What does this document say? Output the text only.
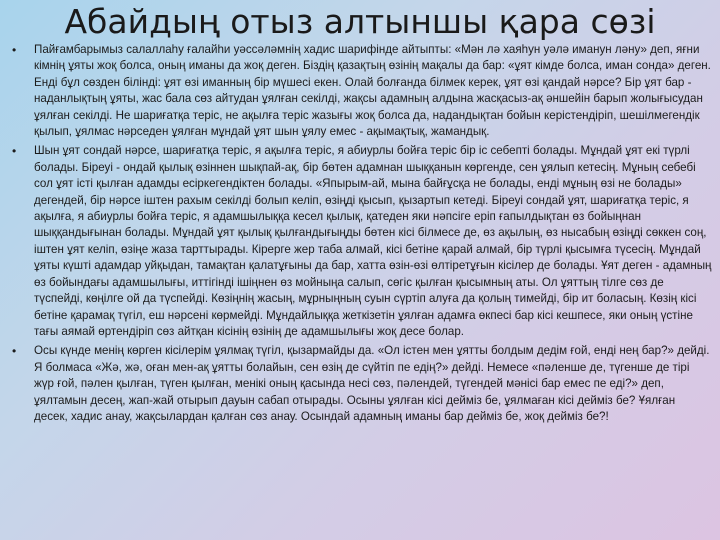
Абайдың отыз алтыншы қара сөзі
•	Пайғамбарымыз салаллаһу ғалайhи уәссәләмнің хадис шарифінде айтыпты: «Мән лә хаяһун уәлә иманун ләну» деп, яғни кімнің ұяты жоқ болса, оның иманы да жоқ деген. Біздің қазақтың өзінің мақалы да бар: «ұят кімде болса, иман сонда» деген. Енді бұл сөзден білінді: ұят өзі иманның бір мүшесі екен. Олай болғанда білмек керек, ұят өзі қандай нәрсе? Бір ұят бар - наданлықтың ұяты, жас бала сөз айтудан ұялған секілді, жақсы адамның алдына жасқасыз-ақ әншейін барып жолығысудан ұялған секілді. Не шариғатқа теріс, не ақылға теріс жазығы жоқ болса да, надандықтан бойын кеpiстендіріп, шешілмегендік қылып, ұялмас нәрседен ұялған мұндай ұят шын ұялу емес - ақымақтық, жамандық.

•	Шын ұят сондай нәрсе, шариғатқа теріс, я ақылға теріс, я абиурлы бойға теріс бір іс себепті болады. Мұндай ұят екі түрлі болады. Біреуі - ондай қылық өзіннен шықпай-ақ, бір бөтен адамнан шыққанын көргенде, сен ұялып кетесің. Мұның себебі сол ұят істі қылған адамды есіркегендіктен болады. «Япырым-ай, мына байғұсқа не болады, енді мұның өзі не болады» дегендей, бір нәрсе іштен рахым секілді болып келіп, өзіңді қысып, қызартып кетеді. Біреуі сондай ұят, шариғатқа теріс, я ақылға, я абиурлы бойға теріс, я адамшылыққа кесел қылық, қатеден яки нәпсіге ерiп ғапылдықтан өз бойыңнан шыққандығынан болады. Мұндай ұят қылық қылғандығыңды бөтен кісі білмесе де, өз ақылың, өз нысабың өзіңді сөккен соң, іштен ұят келіп, өзіңе жаза тарттырады. Кіреpге жер таба алмай, кісі бетіне қарай алмай, бір түрлі қысымға түсесің. Мұндай ұяты күшті адамдар уйқыдан, тамақтан қалатұғыны да бар, хатта өзін-өзі өлтіретұғын кісілер де болады. Ұят деген - адамның өз бойындағы адамшылығы, иттігінді ішіңнен өз мойныңа салып, сөгіс қылған қысымның аты. Ол ұяттың тілге сөз де түспейді, көңілге ой да түспейді. Көзіңнің жасың, мұрныңның суын сүртіп алуға да қолың тимейді, бір ит боласың. Көзің кісі бетіне қарамақ түгіл, еш нәрсені көрмейді. Мұндайлыққа жеткізетін ұялған адамға өкпесі бар кісі кешпесе, яки оның үстіне тағы аямай өртендіріп сөз айтқан кісінің өзінің де адамшылығы жоқ десе болар.

•	Осы күнде менің көрген кісілерім ұялмақ түгіл, қызармайды да. «Ол істен мен ұятты болдым дедім ғой, енді нең бар?» дейді. Я болмаса «Жә, жә, оған мен-ақ ұятты болайын, сен өзің де сүйтіп пе едің?» дейді. Немесе «пәленше де, түгенше де тірі жүр ғой, пәлен қылған, түген қылған, менікі оның қасында несі сөз, пәлендей, түгендей мәнісі бар емес пе еді?» деп, ұялтамын десең, жап-жай отырып дауын сабап отырады. Осыны ұялған кісі деймiз бе, ұялмаған кісі деймiз бе? Ұялған десек, хадис анау, жақсылардан қалған сөз анау. Осындай адамның иманы бар деймiз бе, жоқ деймiз бе?!
